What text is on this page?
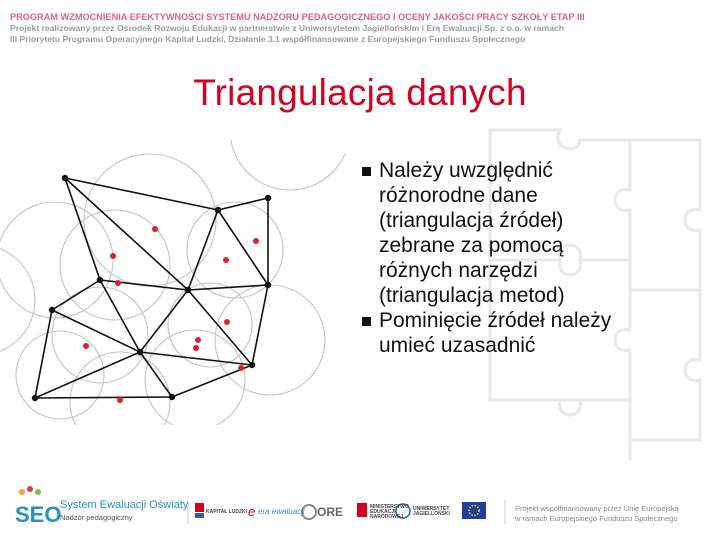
PROGRAM WZMOCNIENIA EFEKTYWNOŚCI SYSTEMU NADZORU PEDAGOGICZNEGO I OCENY JAKOŚCI PRACY SZKOŁY ETAP III
Projekt realizowany przez Ośrodek Rozwoju Edukacji w partnerstwie z Uniwersytetem Jagiellońskim i Erą Ewaluacji Sp. z o.o. w ramach
III Priorytetu Programu Operacyjnego Kapitał Ludzki, Działanie 3.1 współfinansowane z Europejskiego Funduszu Społecznego
Triangulacja danych
Należy uwzględnić
różnorodne dane
(triangulacja źródeł)
zebrane za pomocą
różnych narzędzi
(triangulacja metod)
Pominięcie źródeł należy
umieć uzasadnić
SEO	e
KAPITAŁ LUDZKI era ewaluacji ORE	MINISTERSTWO EDUKACJI NARODOWEJ
UNIWERSYTET JAGIELLOŃSKI
System Ewaluacji Oświaty
Nadzór pedagogiczny
Projekt współfinansowany przez Unię Europejską
w ramach Europejskiego Funduszu Społecznego
